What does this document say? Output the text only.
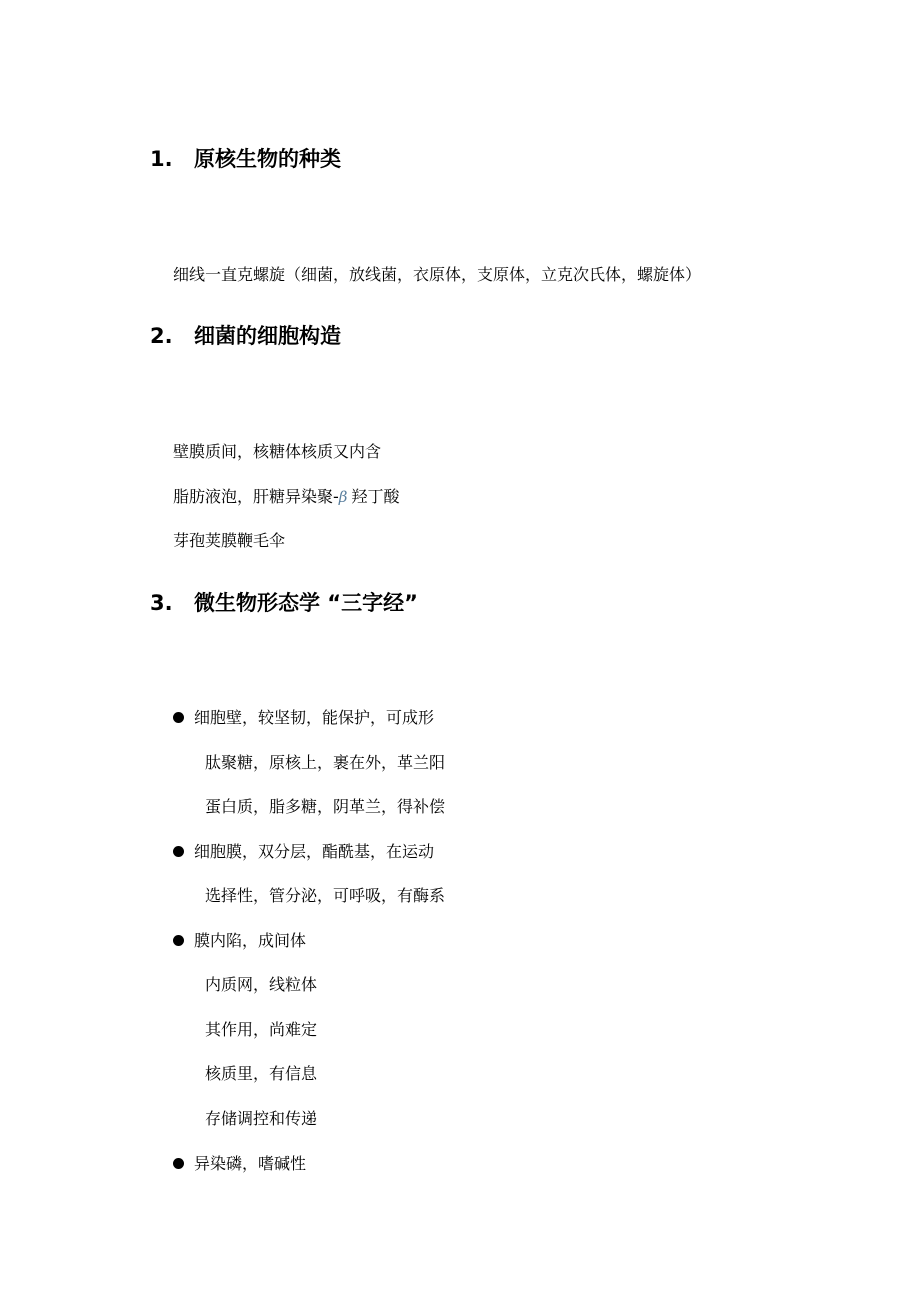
1. 原核生物的种类
细线一直克螺旋（细菌，放线菌，衣原体，支原体，立克次氏体，螺旋体）
2. 细菌的细胞构造
壁膜质间，核糖体核质又内含
脂肪液泡，肝糖异染聚-β 羟丁酸
芽孢荚膜鞭毛伞
3. 微生物形态学 “三字经”
细胞壁，较坚韧，能保护，可成形
肽聚糖，原核上，裹在外，革兰阳
蛋白质，脂多糖，阴革兰，得补偿
细胞膜，双分层，酯酰基，在运动
选择性，管分泌，可呼吸，有酶系
膜内陷，成间体
内质网，线粒体
其作用，尚难定
核质里，有信息
存储调控和传递
异染磷，嗜碱性
